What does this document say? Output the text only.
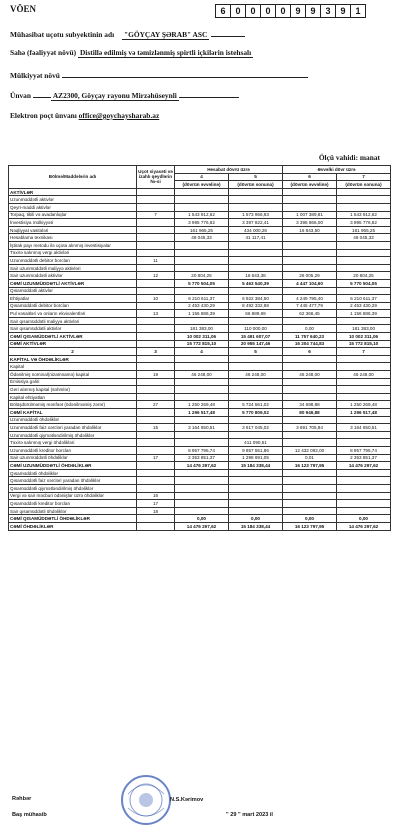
VÖEN	6	0	0	0	0	9	9	3	9	1
Mühasibat uçotu subyektinin adı "GÖYÇAY ŞƏRAB" ASC
Sahə (fəaliyyət növü) Distillə edilmiş və təmizlənmiş spirtli içkilərin istehsalı
Mülkiyyət növü
Ünvan	AZ2300, Göyçay rayonu Mirzəhüseynli
Elektron poçt ünvanı office@goychaysharab.az
Ölçü vahidi: manat
Bölmə/Maddələrin adı	Uçot siyasəti və izahlı qeydlərin №-si	Hesabat dövrü üzrə		Əvvəlki dövr üzrə	
		4	5	6	7
		(dövrün əvvəlinə)	(dövrün sonuna)	(dövrün əvvəlinə)	(dövrün sonuna)
AKTİVLƏR					
Uzunmüddətli aktivlər					
Qeyri-maddi aktivlər					
Torpaq, tikili və avadanlıqlar	7	1 543 912,62	1 573 956,93	1 007 389,81	1 543 912,62
İnvestisiya mülkiyyəti		3 995 776,62	3 397 822,41	3 396 866,00	3 995 776,62
Nəqliyyat vasitələri		161 965,25	434 000,26	16 843,50	161 965,25
Hesablama texnikası		48 045,33	41 117,41		48 045,33
İştirak payı metodu ilə uçota alınmış investisiyalar					
Təxirə salınmış vergi aktivləri					
Uzunmüddətli debitor borcları	11				
Sair uzunmüddətli maliyyə aktivləri					
Sair uzunmüddətli aktivlər	12	20 804,25	16 643,38	26 005,29	20 804,25
CƏMİ UZUNMÜDDƏTLİ AKTİVLƏR		5 770 504,05	5 463 540,39	4 447 104,60	5 770 504,05
Qısamüddətli aktivlər					
Ehtiyatlar	10	6 210 611,37	6 922 384,50	4 249 795,40	6 210 611,37
Qısamüddətli debitor borcları		2 453 430,29	8 492 332,88	7 445 477,79	2 453 430,29
Pul vəsaitləri və onların ekvivalentləri	13	1 156 886,39	66 889,69	62 366,45	1 156 886,39
Sair qısamüddətli maliyyə aktivləri					
Sair qısamüddətli aktivlər		181 383,00	110 000,00	0,00	181 383,00
CƏMİ QISAMÜDDƏTLİ AKTİVLƏR		10 002 311,06	15 491 607,07	11 757 640,23	10 002 311,06
CƏMİ AKTİVLƏR		15 772 815,10	20 955 147,46	16 204 744,83	15 772 815,10
2	3	4	5	6	7
KAPİTAL VƏ ÖHDƏLİKLƏR					
Kapital					
Ödənilmiş nominal(nizamnamə) kapital	19	46 248,00	46 248,00	46 248,00	46 248,00
Emissiya gəliri					
Geri alınmış kapital (səhmlər)					
Kapital ehtiyatları					
Bölüşdürülməmiş mənfəət (ödənilməmiş zərər)	27	1 250 269,48	5 724 561,02	34 698,88	1 250 269,48
CƏMİ KAPİTAL		1 296 517,48	5 770 809,02	80 946,88	1 296 517,48
Uzunmüddətli öhdəliklər					
Uzunmüddətli faiz xərcləri yaradan öhdəliklər	15	3 164 650,51	3 617 045,02	3 691 705,94	3 164 650,51
Uzunmüddətli qiymətləndirilmiş öhdəliklər					
Təxirə salınmış vergi öhdəlikləri			411 090,51		
Uzunmüddətli kreditor borcları		8 957 795,74	9 857 551,86	12 432 092,00	8 957 795,74
Sair uzunmüddətli öhdəliklər	17	2 353 851,37	1 298 691,05	0,01	2 353 851,37
CƏMİ UZUNMÜDDƏTLİ ÖHDƏLİKLƏR		14 476 297,62	15 184 338,44	16 123 797,95	14 476 297,62
Qısamüddətli öhdəliklər					
Qısamüddətli faiz xərcləri yaradan öhdəliklər					
Qısamüddətli qiymətləndirilmiş öhdəliklər					
Vergi və sair məcburi ödənişlər üzrə öhdəliklər	16				
Qısamüddətli kreditor borcları	17				
Sair qısamüddətli öhdəliklər	18				
CƏMİ QISAMÜDDƏTLİ ÖHDƏLİKLƏR		0,00	0,00	0,00	0,00
CƏMİ ÖHDƏLİKLƏR		14 476 297,62	15 184 338,44	16 123 797,95	14 476 297,62
Rəhbər	N.S.Kərimov
Baş mühasib	" 29 " mart 2023 il
